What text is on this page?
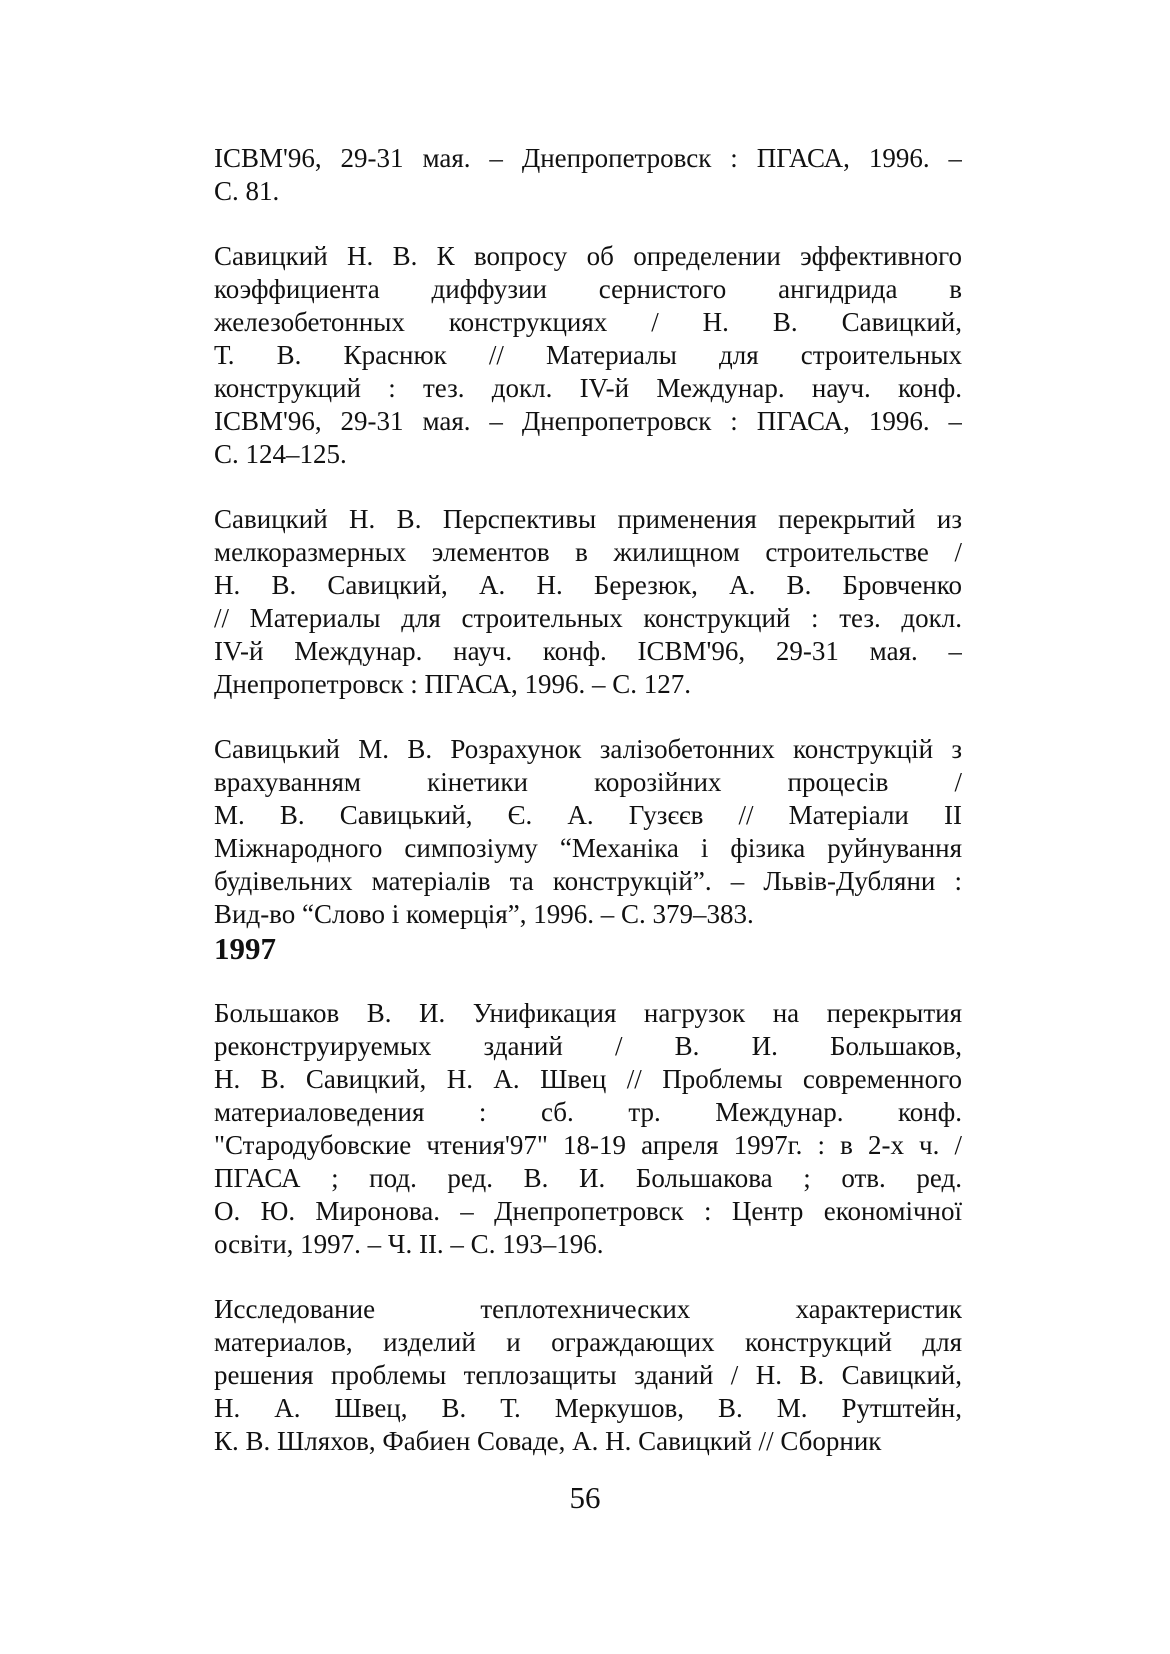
ICBM'96, 29-31 мая. – Днепропетровск : ПГАСА, 1996. –
С. 81.
Савицкий Н. В. К вопросу об определении эффективного
коэффициента диффузии сернистого ангидрида в
железобетонных конструкциях / Н. В. Савицкий,
Т. В. Краснюк // Материалы для строительных
конструкций : тез. докл. IV-й Междунар. науч. конф.
ICBM'96, 29-31 мая. – Днепропетровск : ПГАСА, 1996. –
С. 124–125.
Савицкий Н. В. Перспективы применения перекрытий из
мелкоразмерных элементов в жилищном строительстве /
Н. В. Савицкий, А. Н. Березюк, А. В. Бровченко
// Материалы для строительных конструкций : тез. докл.
IV-й Междунар. науч. конф. ICBM'96, 29-31 мая. –
Днепропетровск : ПГАСА, 1996. – С. 127.
Савицький М. В. Розрахунок залізобетонних конструкцій з
врахуванням кінетики корозійних процесів /
М. В. Савицький, Є. А. Гузєєв // Матеріали II
Міжнародного симпозіуму “Механіка і фізика руйнування
будівельних матеріалів та конструкцій”. – Львів-Дубляни :
Вид-во “Слово і комерція”, 1996. – С. 379–383.
1997
Большаков В. И. Унификация нагрузок на перекрытия
реконструируемых зданий / В. И. Большаков,
Н. В. Савицкий, Н. А. Швец // Проблемы современного
материаловедения : сб. тр. Междунар. конф.
"Стародубовские чтения'97" 18-19 апреля 1997г. : в 2-х ч. /
ПГАСА ; под. ред. В. И. Большакова ; отв. ред.
О. Ю. Миронова. – Днепропетровск : Центр економічної
освіти, 1997. – Ч. II. – С. 193–196.
Исследование теплотехнических характеристик
материалов, изделий и ограждающих конструкций для
решения проблемы теплозащиты зданий / Н. В. Савицкий,
Н. А. Швец, В. Т. Меркушов, В. М. Рутштейн,
К. В. Шляхов, Фабиен Соваде, А. Н. Савицкий // Сборник
56
